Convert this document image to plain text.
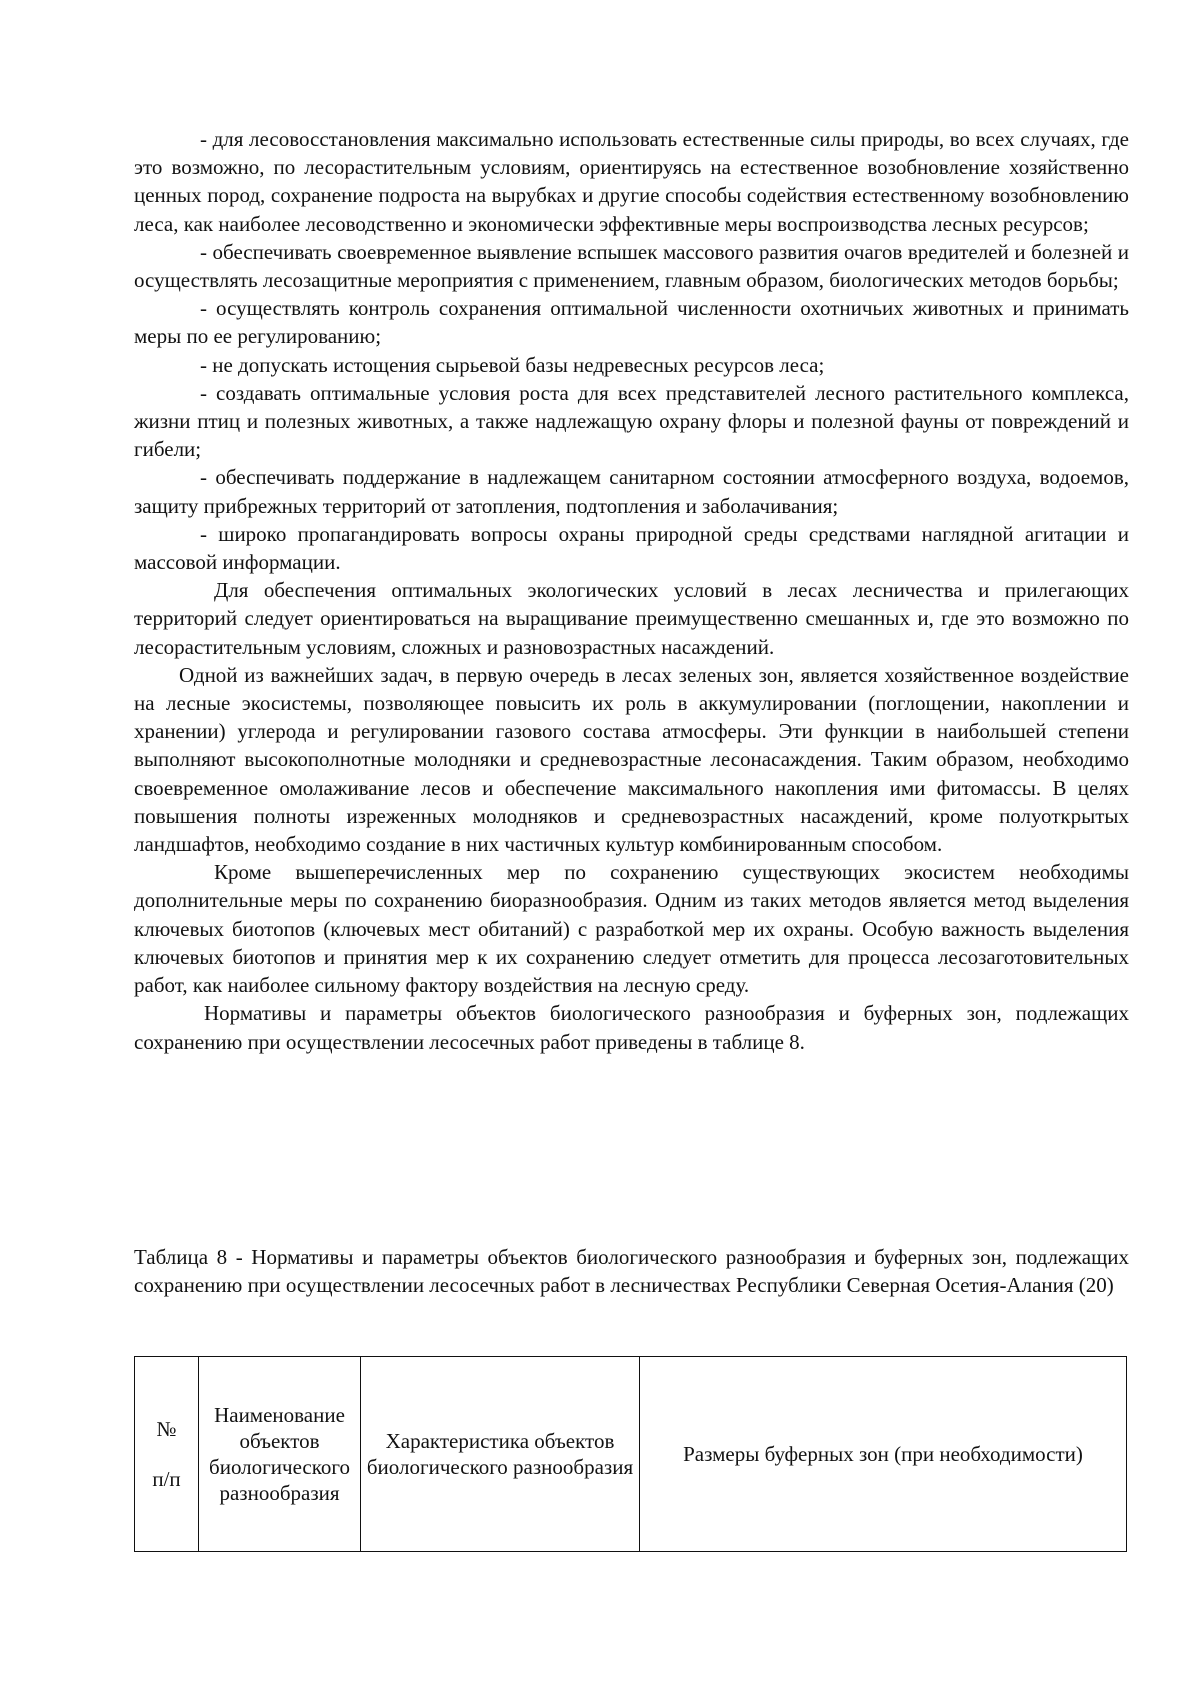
- для лесовосстановления максимально использовать естественные силы природы, во всех случаях, где это возможно, по лесорастительным условиям, ориентируясь на естественное возобновление хозяйственно ценных пород, сохранение подроста на вырубках и другие способы содействия естественному возобновлению леса, как наиболее лесоводственно и экономически эффективные меры воспроизводства лесных ресурсов;

- обеспечивать своевременное выявление вспышек массового развития очагов вредителей и болезней и осуществлять лесозащитные мероприятия с применением, главным образом, биологических методов борьбы;

- осуществлять контроль сохранения оптимальной численности охотничьих животных и принимать меры по ее регулированию;

- не допускать истощения сырьевой базы недревесных ресурсов леса;

- создавать оптимальные условия роста для всех представителей лесного растительного комплекса, жизни птиц и полезных животных, а также надлежащую охрану флоры и полезной фауны от повреждений и гибели;

- обеспечивать поддержание в надлежащем санитарном состоянии атмосферного воздуха, водоемов, защиту прибрежных территорий от затопления, подтопления и заболачивания;

- широко пропагандировать вопросы охраны природной среды средствами наглядной агитации и массовой информации.

Для обеспечения оптимальных экологических условий в лесах лесничества и прилегающих территорий следует ориентироваться на выращивание преимущественно смешанных и, где это возможно по лесорастительным условиям, сложных и разновозрастных насаждений.

Одной из важнейших задач, в первую очередь в лесах зеленых зон, является хозяйственное воздействие на лесные экосистемы, позволяющее повысить их роль в аккумулировании (поглощении, накоплении и хранении) углерода и регулировании газового состава атмосферы. Эти функции в наибольшей степени выполняют высокополнотные молодняки и средневозрастные лесонасаждения. Таким образом, необходимо своевременное омолаживание лесов и обеспечение максимального накопления ими фитомассы. В целях повышения полноты изреженных молодняков и средневозрастных насаждений, кроме полуоткрытых ландшафтов, необходимо создание в них частичных культур комбинированным способом.

Кроме вышеперечисленных мер по сохранению существующих экосистем необходимы дополнительные меры по сохранению биоразнообразия. Одним из таких методов является метод выделения ключевых биотопов (ключевых мест обитаний) с разработкой мер их охраны. Особую важность выделения ключевых биотопов и принятия мер к их сохранению следует отметить для процесса лесозаготовительных работ, как наиболее сильному фактору воздействия на лесную среду.

Нормативы и параметры объектов биологического разнообразия и буферных зон, подлежащих сохранению при осуществлении лесосечных работ приведены в таблице 8.

Таблица 8 - Нормативы и параметры объектов биологического разнообразия и буферных зон, подлежащих сохранению при осуществлении лесосечных работ в лесничествах Республики Северная Осетия-Алания (20)

№
п/п
	Наименование объектов биологического разнообразия	Характеристика объектов биологического разнообразия	Размеры буферных зон (при необходимости)
